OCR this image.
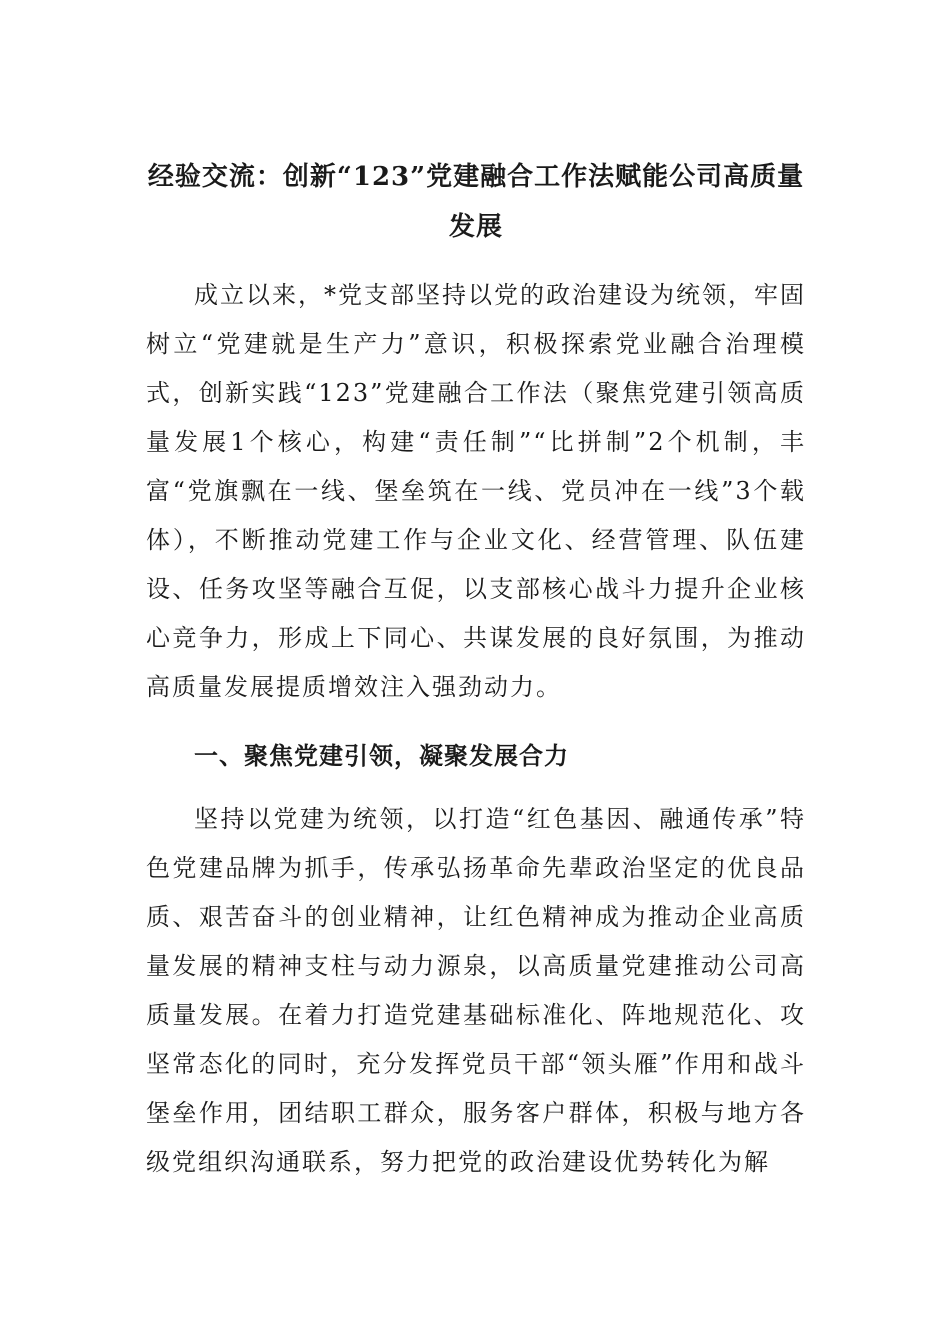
经验交流：创新“123”党建融合工作法赋能公司高质量发展

成立以来，*党支部坚持以党的政治建设为统领，牢固树立“党建就是生产力”意识，积极探索党业融合治理模式，创新实践“123”党建融合工作法（聚焦党建引领高质量发展1个核心，构建“责任制”“比拼制”2个机制，丰富“党旗飘在一线、堡垒筑在一线、党员冲在一线”3个载体），不断推动党建工作与企业文化、经营管理、队伍建设、任务攻坚等融合互促，以支部核心战斗力提升企业核心竞争力，形成上下同心、共谋发展的良好氛围，为推动高质量发展提质增效注入强劲动力。

一、聚焦党建引领，凝聚发展合力

坚持以党建为统领，以打造“红色基因、融通传承”特色党建品牌为抓手，传承弘扬革命先辈政治坚定的优良品质、艰苦奋斗的创业精神，让红色精神成为推动企业高质量发展的精神支柱与动力源泉，以高质量党建推动公司高质量发展。在着力打造党建基础标准化、阵地规范化、攻坚常态化的同时，充分发挥党员干部“领头雁”作用和战斗堡垒作用，团结职工群众，服务客户群体，积极与地方各级党组织沟通联系，努力把党的政治建设优势转化为解
